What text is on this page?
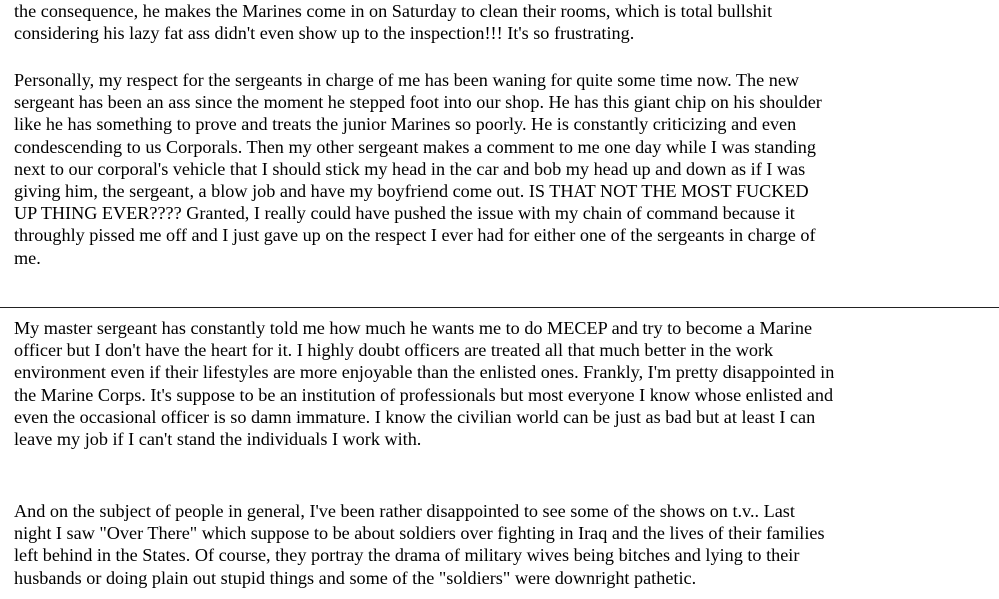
the consequence, he makes the Marines come in on Saturday to clean their rooms, which is total bullshit
considering his lazy fat ass didn't even show up to the inspection!!! It's so frustrating.

Personally, my respect for the sergeants in charge of me has been waning for quite some time now. The new
sergeant has been an ass since the moment he stepped foot into our shop. He has this giant chip on his shoulder
like he has something to prove and treats the junior Marines so poorly. He is constantly criticizing and even
condescending to us Corporals. Then my other sergeant makes a comment to me one day while I was standing
next to our corporal's vehicle that I should stick my head in the car and bob my head up and down as if I was
giving him, the sergeant, a blow job and have my boyfriend come out. IS THAT NOT THE MOST FUCKED
UP THING EVER???? Granted, I really could have pushed the issue with my chain of command because it
throughly pissed me off and I just gave up on the respect I ever had for either one of the sergeants in charge of
me.

My master sergeant has constantly told me how much he wants me to do MECEP and try to become a Marine
officer but I don't have the heart for it. I highly doubt officers are treated all that much better in the work
environment even if their lifestyles are more enjoyable than the enlisted ones. Frankly, I'm pretty disappointed in
the Marine Corps. It's suppose to be an institution of professionals but most everyone I know whose enlisted and
even the occasional officer is so damn immature. I know the civilian world can be just as bad but at least I can
leave my job if I can't stand the individuals I work with.

And on the subject of people in general, I've been rather disappointed to see some of the shows on t.v.. Last
night I saw "Over There" which suppose to be about soldiers over fighting in Iraq and the lives of their families
left behind in the States. Of course, they portray the drama of military wives being bitches and lying to their
husbands or doing plain out stupid things and some of the "soldiers" were downright pathetic.
